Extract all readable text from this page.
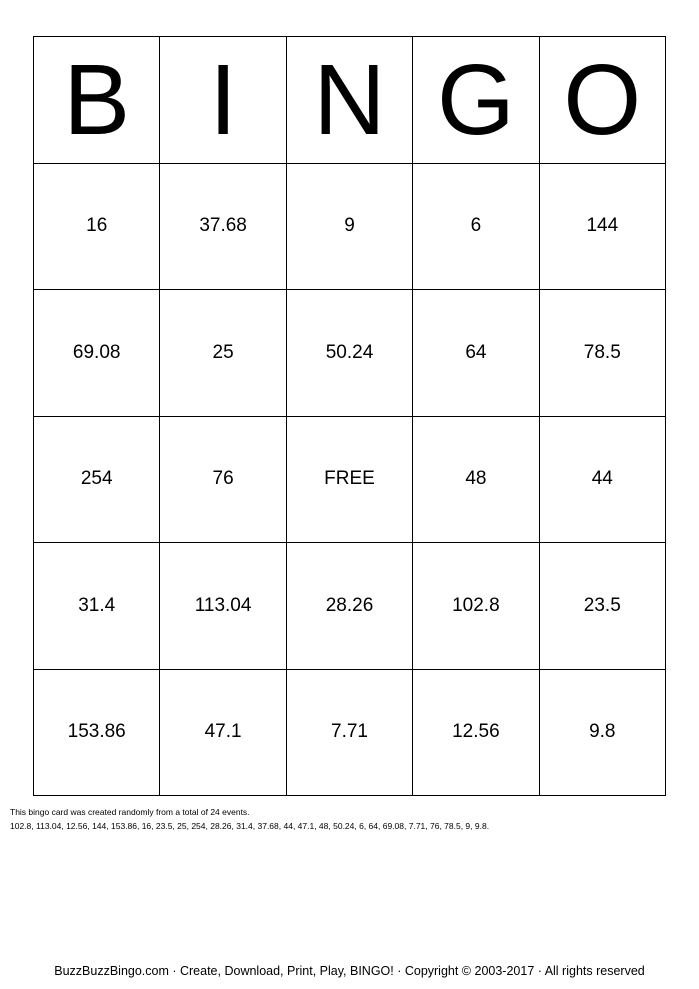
B I N G O
16	37.68	9	6	144
69.08	25	50.24	64	78.5
254	76	FREE	48	44
31.4	113.04	28.26	102.8	23.5
153.86	47.1	7.71	12.56	9.8
This bingo card was created randomly from a total of 24 events.
102.8, 113.04, 12.56, 144, 153.86, 16, 23.5, 25, 254, 28.26, 31.4, 37.68, 44, 47.1, 48, 50.24, 6, 64, 69.08, 7.71, 76, 78.5, 9, 9.8.
BuzzBuzzBingo.com · Create, Download, Print, Play, BINGO! · Copyright © 2003-2017 · All rights reserved
